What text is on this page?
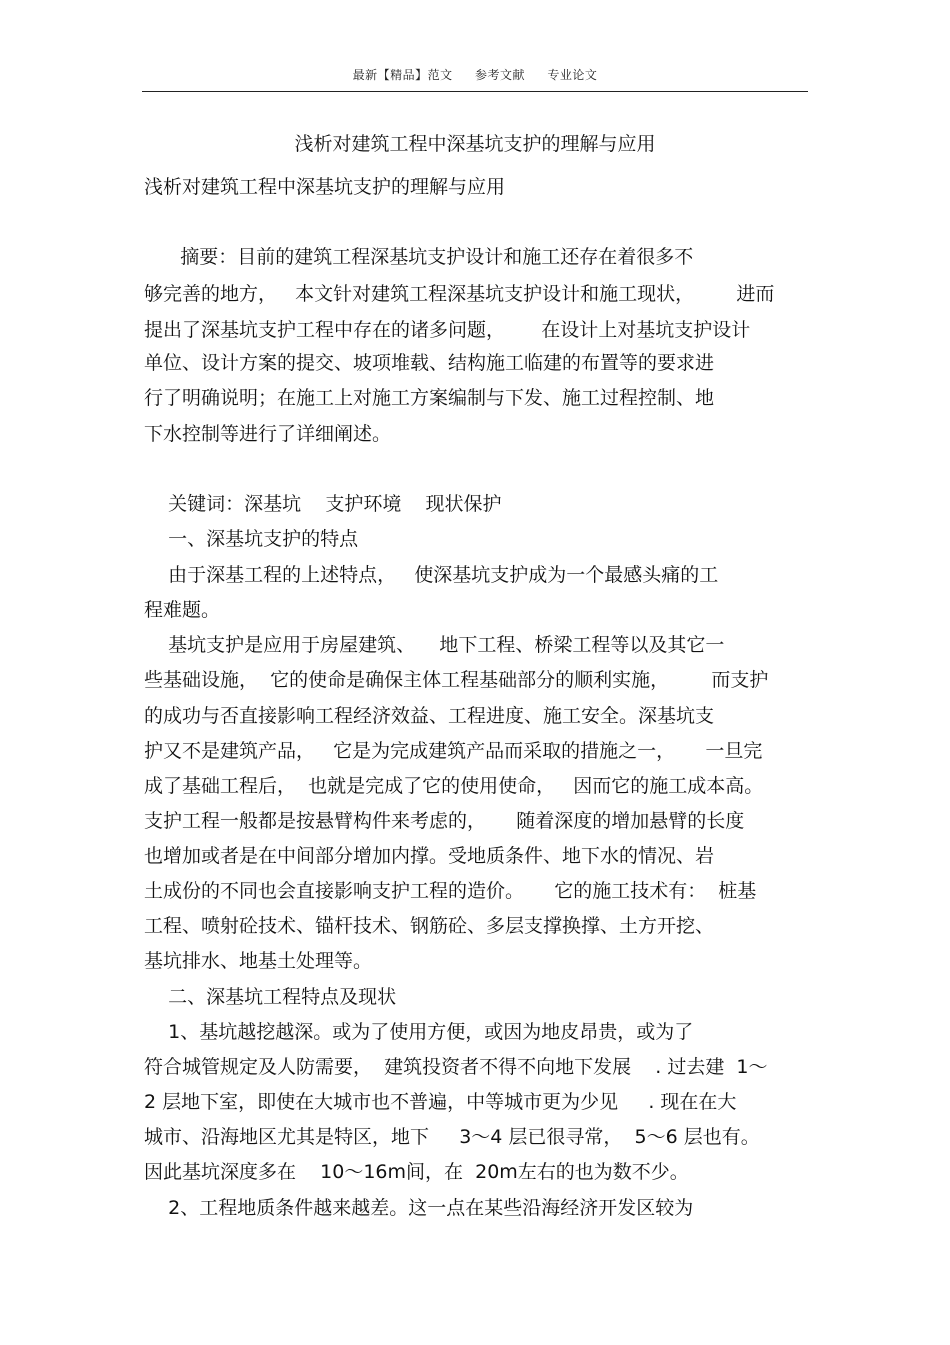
最新【精品】范文 参考文献 专业论文
浅析对建筑工程中深基坑支护的理解与应用
浅析对建筑工程中深基坑支护的理解与应用
摘要：目前的建筑工程深基坑支护设计和施工还存在着很多不
够完善的地方，   本文针对建筑工程深基坑支护设计和施工现状，       进而
提出了深基坑支护工程中存在的诸多问题，      在设计上对基坑支护设计
单位、设计方案的提交、坡项堆载、结构施工临建的布置等的要求进
行了明确说明；在施工上对施工方案编制与下发、施工过程控制、地
下水控制等进行了详细阐述。
关键词：深基坑    支护环境    现状保护
一、深基坑支护的特点
由于深基工程的上述特点，   使深基坑支护成为一个最感头痛的工
程难题。
基坑支护是应用于房屋建筑、    地下工程、桥梁工程等以及其它一
些基础设施，  它的使命是确保主体工程基础部分的顺利实施，       而支护
的成功与否直接影响工程经济效益、工程进度、施工安全。深基坑支
护又不是建筑产品，   它是为完成建筑产品而采取的措施之一，     一旦完
成了基础工程后，  也就是完成了它的使用使命，   因而它的施工成本高。
支护工程一般都是按悬臂构件来考虑的，     随着深度的增加悬臂的长度
也增加或者是在中间部分增加内撑。受地质条件、地下水的情况、岩
土成份的不同也会直接影响支护工程的造价。     它的施工技术有：  桩基
工程、喷射砼技术、锚杆技术、钢筋砼、多层支撑换撑、土方开挖、
基坑排水、地基土处理等。
二、深基坑工程特点及现状
1、基坑越挖越深。或为了使用方便，或因为地皮昂贵，或为了
符合城管规定及人防需要，  建筑投资者不得不向地下发展    . 过去建  1～
2 层地下室，即使在大城市也不普遍，中等城市更为少见     . 现在在大
城市、沿海地区尤其是特区，地下     3～4 层已很寻常，  5～6 层也有。
因此基坑深度多在    10～16m间，在  20m左右的也为数不少。
2、工程地质条件越来越差。这一点在某些沿海经济开发区较为
